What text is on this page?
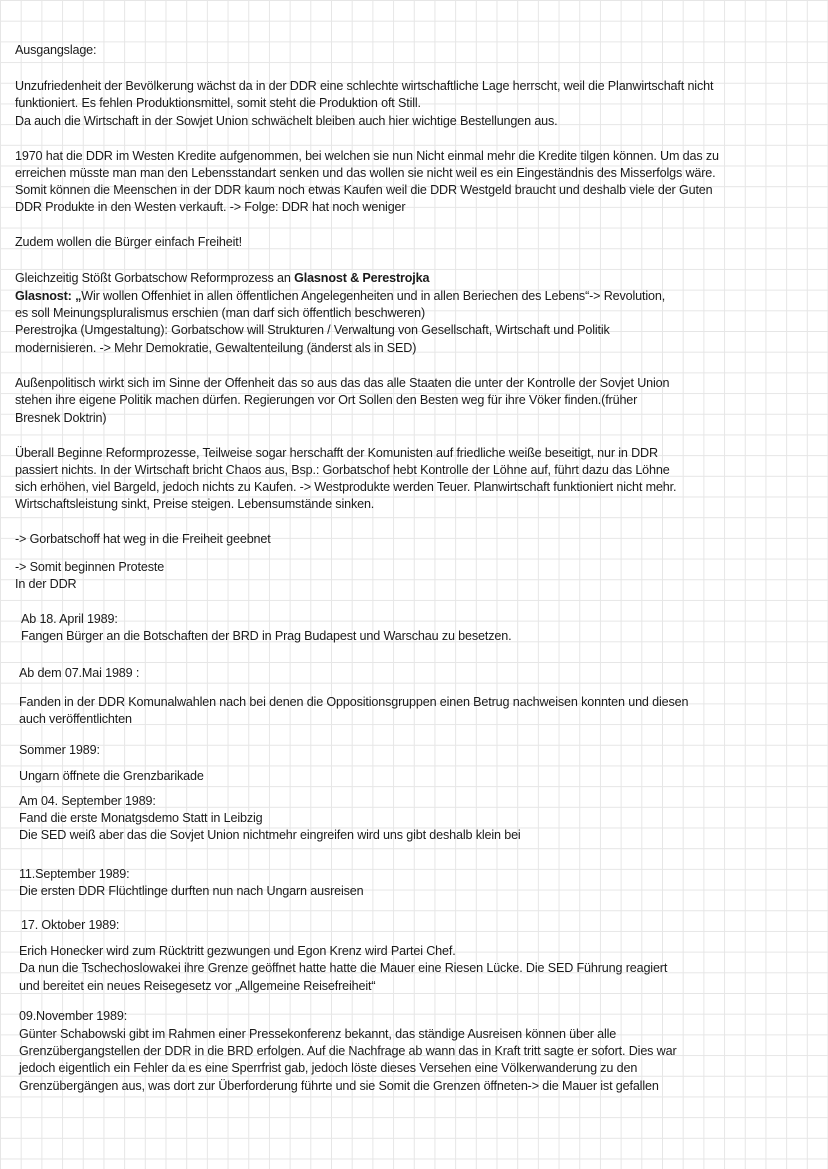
Ausgangslage:
Unzufriedenheit der Bevölkerung wächst da in der DDR eine schlechte wirtschaftliche Lage herrscht, weil die Planwirtschaft nicht
funktioniert. Es fehlen Produktionsmittel, somit steht die Produktion oft Still.
Da auch die Wirtschaft in der Sowjet Union schwächelt bleiben auch hier wichtige Bestellungen aus.
1970 hat die DDR im Westen Kredite aufgenommen, bei welchen sie nun Nicht einmal mehr die Kredite tilgen können. Um das zu
erreichen müsste man man den Lebensstandart senken und das wollen sie nicht weil es ein Eingeständnis des Misserfolgs wäre.
Somit können die Meenschen in der DDR kaum noch etwas Kaufen weil die DDR Westgeld braucht und deshalb viele der Guten
DDR Produkte in den Westen verkauft. -> Folge: DDR hat noch weniger
Zudem wollen die Bürger einfach Freiheit!
Gleichzeitig Stößt Gorbatschow Reformprozess an Glasnost & Perestrojka
Glasnost: „Wir wollen Offenhiet in allen öffentlichen Angelegenheiten und in allen Beriechen des Lebens“-> Revolution,
es soll Meinungspluralismus erschien (man darf sich öffentlich beschweren)
Perestrojka (Umgestaltung): Gorbatschow will Strukturen / Verwaltung von Gesellschaft, Wirtschaft und Politik
modernisieren. -> Mehr Demokratie, Gewaltenteilung (änderst als in SED)
Außenpolitisch wirkt sich im Sinne der Offenheit das so aus das das alle Staaten die unter der Kontrolle der Sovjet Union
stehen ihre eigene Politik machen dürfen. Regierungen vor Ort Sollen den Besten weg für ihre Vöker finden.(früher
Bresnek Doktrin)
Überall Beginne Reformprozesse, Teilweise sogar herschafft der Komunisten auf friedliche weiße beseitigt, nur in DDR
passiert nichts. In der Wirtschaft bricht Chaos aus, Bsp.: Gorbatschof hebt Kontrolle der Löhne auf, führt dazu das Löhne
sich erhöhen, viel Bargeld, jedoch nichts zu Kaufen. -> Westprodukte werden Teuer. Planwirtschaft funktioniert nicht mehr.
Wirtschaftsleistung sinkt, Preise steigen. Lebensumstände sinken.
-> Gorbatschoff hat weg in die Freiheit geebnet
-> Somit beginnen Proteste
In der DDR
Ab 18. April 1989:
Fangen Bürger an die Botschaften der BRD in Prag Budapest und Warschau zu besetzen.
Ab dem 07.Mai 1989 :
Fanden in der DDR Komunalwahlen nach bei denen die Oppositionsgruppen einen Betrug nachweisen konnten und diesen
auch veröffentlichten
Sommer 1989:
Ungarn öffnete die Grenzbarikade
Am 04. September 1989:
Fand die erste Monatgsdemo Statt in Leibzig
Die SED weiß aber das die Sovjet Union nichtmehr eingreifen wird uns gibt deshalb klein bei
11.September 1989:
Die ersten DDR Flüchtlinge durften nun nach Ungarn ausreisen
17. Oktober 1989:
Erich Honecker wird zum Rücktritt gezwungen und Egon Krenz wird Partei Chef.
Da nun die Tschechoslowakei ihre Grenze geöffnet hatte hatte die Mauer eine Riesen Lücke. Die SED Führung reagiert
und bereitet ein neues Reisegesetz vor „Allgemeine Reisefreiheit“
09.November 1989:
Günter Schabowski gibt im Rahmen einer Pressekonferenz bekannt, das ständige Ausreisen können über alle
Grenzübergangstellen der DDR in die BRD erfolgen. Auf die Nachfrage ab wann das in Kraft tritt sagte er sofort. Dies war
jedoch eigentlich ein Fehler da es eine Sperrfrist gab, jedoch löste dieses Versehen eine Völkerwanderung zu den
Grenzübergängen aus, was dort zur Überforderung führte und sie Somit die Grenzen öffneten-> die Mauer ist gefallen
